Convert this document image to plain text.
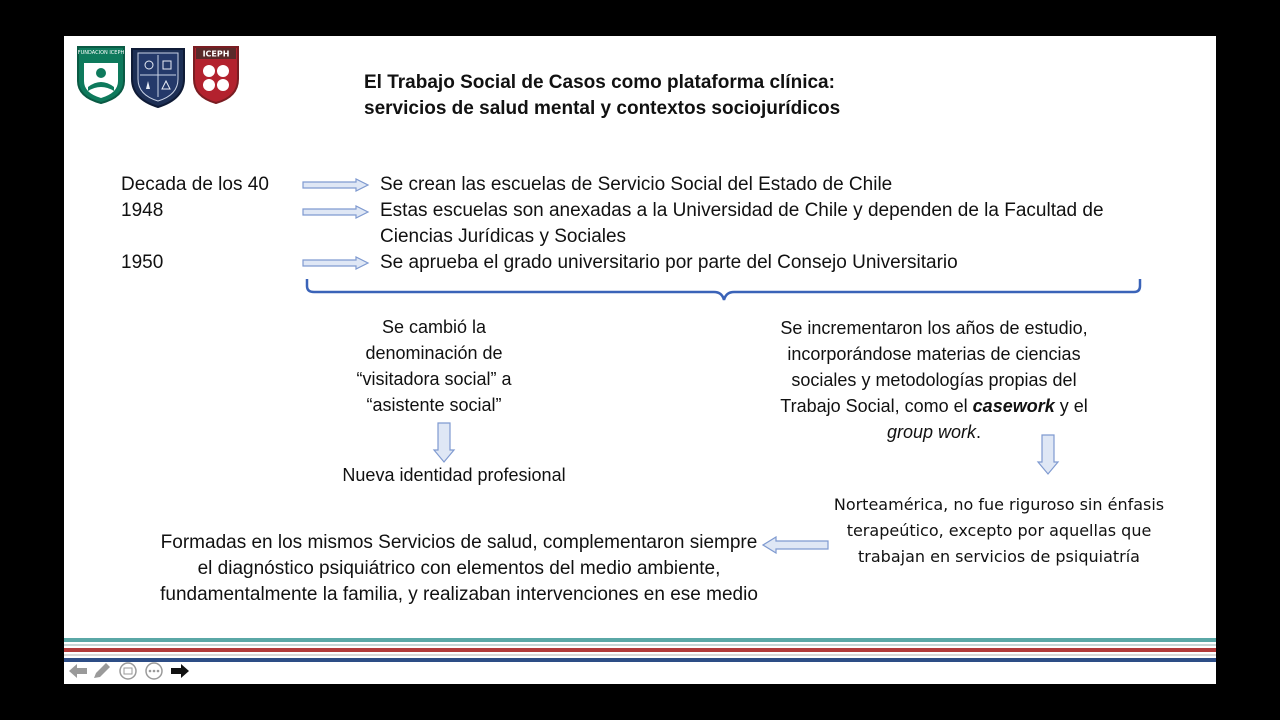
FUNDACION ICEPH	ICEPH
El Trabajo Social de Casos como plataforma clínica:
servicios de salud mental y contextos sociojurídicos
Decada de los 40	Se crean las escuelas de Servicio Social del Estado de Chile
1948	Estas escuelas son anexadas a la Universidad de Chile y dependen de la Facultad de
Ciencias Jurídicas y Sociales
1950	Se aprueba el grado universitario por parte del Consejo Universitario
Se cambió la
denominación de
“visitadora social” a
“asistente social”
Nueva identidad profesional
Se incrementaron los años de estudio,
incorporándose materias de ciencias
sociales y metodologías propias del
Trabajo Social, como el casework y el
group work.
Norteamérica, no fue riguroso sin énfasis
terapeútico, excepto por aquellas que
trabajan en servicios de psiquiatría
Formadas en los mismos Servicios de salud, complementaron siempre
el diagnóstico psiquiátrico con elementos del medio ambiente,
fundamentalmente la familia, y realizaban intervenciones en ese medio
